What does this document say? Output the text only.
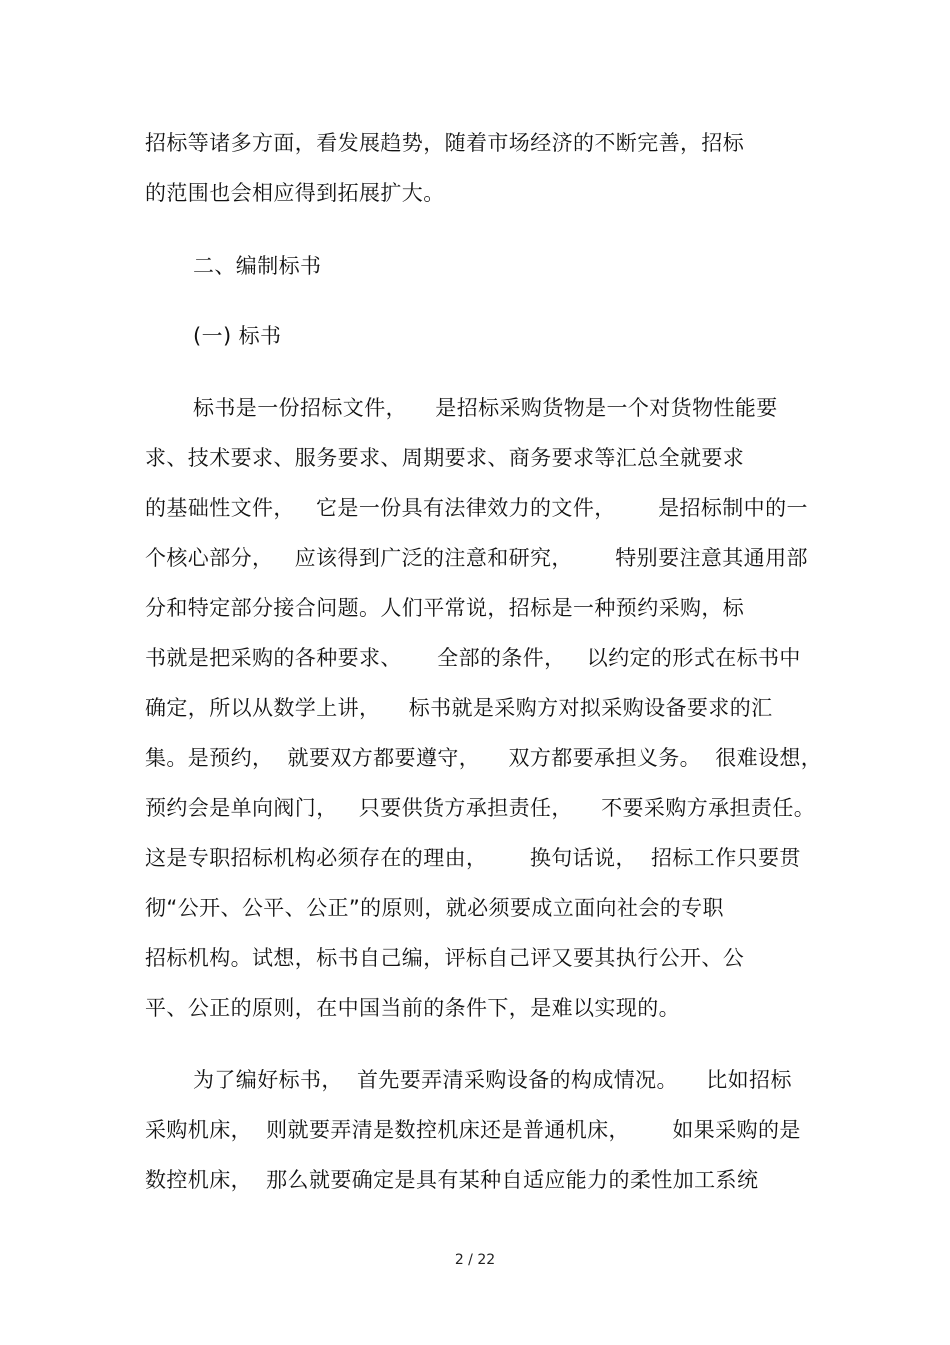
招标等诸多方面，看发展趋势，随着市场经济的不断完善，招标
的范围也会相应得到拓展扩大。
二、编制标书
(一) 标书
标书是一份招标文件，    是招标采购货物是一个对货物性能要
求、技术要求、服务要求、周期要求、商务要求等汇总全就要求
的基础性文件，   它是一份具有法律效力的文件，      是招标制中的一
个核心部分，   应该得到广泛的注意和研究，      特别要注意其通用部
分和特定部分接合问题。人们平常说，招标是一种预约采购，标
书就是把采购的各种要求、     全部的条件，   以约定的形式在标书中
确定，所以从数学上讲，    标书就是采购方对拟采购设备要求的汇
集。是预约，  就要双方都要遵守，    双方都要承担义务。  很难设想，
预约会是单向阀门，   只要供货方承担责任，    不要采购方承担责任。
这是专职招标机构必须存在的理由，      换句话说，  招标工作只要贯
彻“公开、公平、公正”的原则，就必须要成立面向社会的专职
招标机构。试想，标书自己编，评标自己评又要其执行公开、公
平、公正的原则，在中国当前的条件下，是难以实现的。
为了编好标书，  首先要弄清采购设备的构成情况。    比如招标
采购机床，  则就要弄清是数控机床还是普通机床，      如果采购的是
数控机床，  那么就要确定是具有某种自适应能力的柔性加工系统
2 / 22
